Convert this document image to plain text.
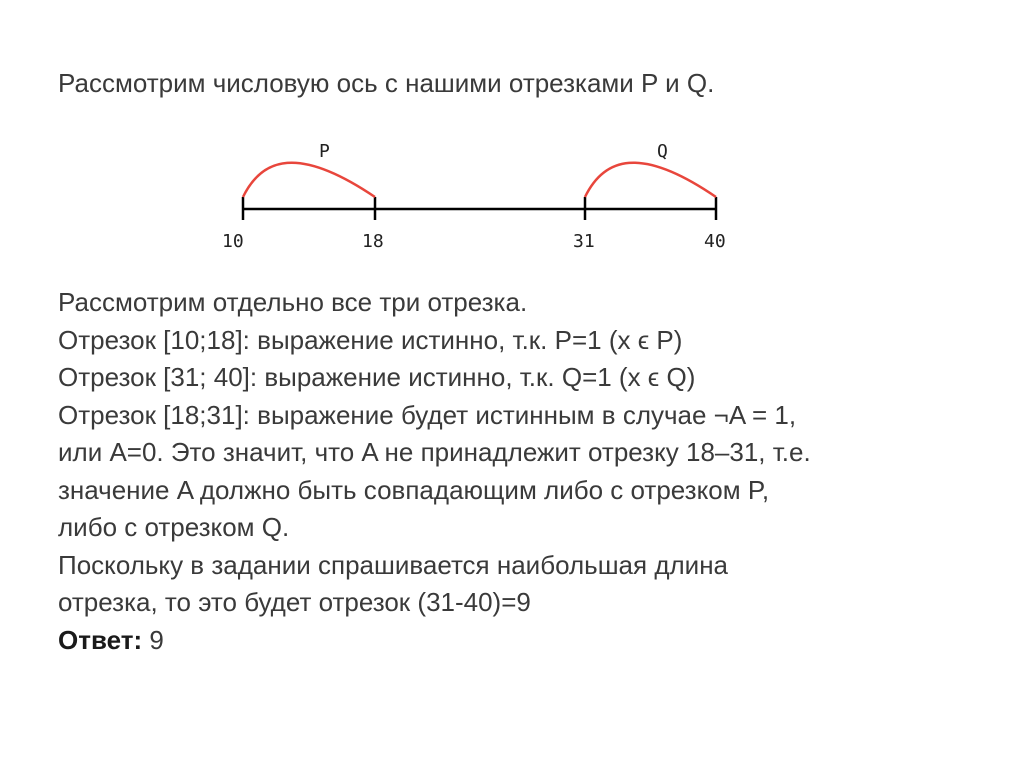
Рассмотрим числовую ось с нашими отрезками P и Q.
P	Q
10	18	31	40
Рассмотрим отдельно все три отрезка.
Отрезок [10;18]: выражение истинно, т.к. P=1 (x ϵ P)
Отрезок [31; 40]: выражение истинно, т.к. Q=1 (x ϵ Q)
Отрезок [18;31]: выражение будет истинным в случае ¬A = 1,
или A=0. Это значит, что A не принадлежит отрезку 18–31, т.е.
значение A должно быть совпадающим либо с отрезком P,
либо с отрезком Q.
Поскольку в задании спрашивается наибольшая длина
отрезка, то это будет отрезок (31-40)=9
Ответ: 9
